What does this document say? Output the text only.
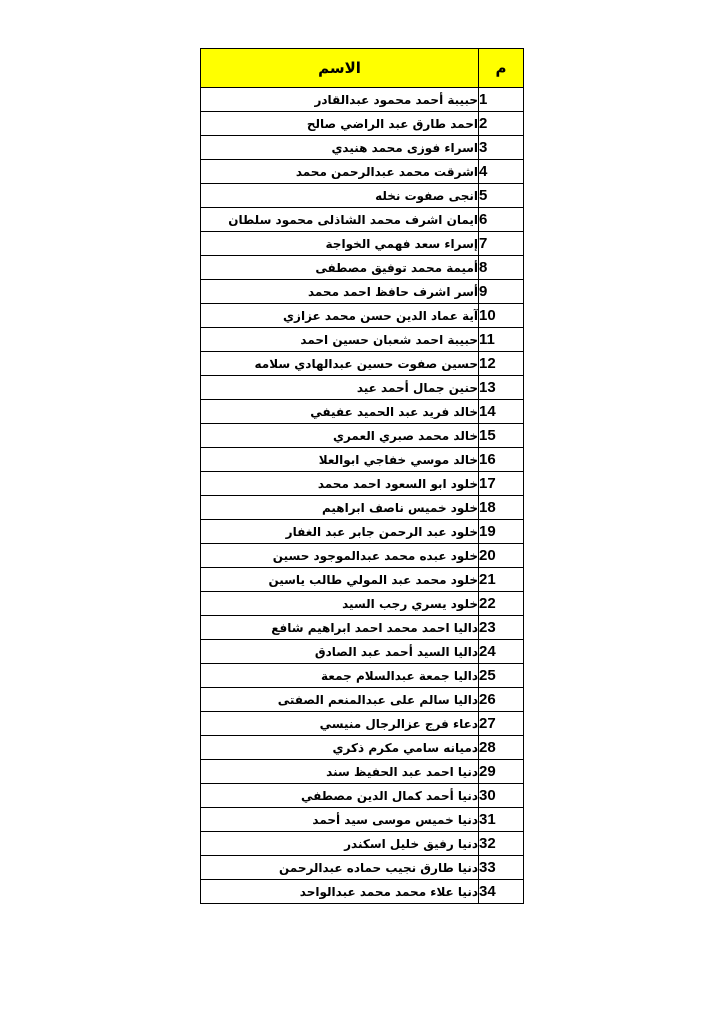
الاسم	م
حبيبة أحمد محمود عبدالقادر	1
احمد طارق عبد الراضي صالح	2
اسراء فوزى محمد هنيدي	3
اشرقت محمد عبدالرحمن محمد	4
انجى صفوت نخله	5
ايمان اشرف محمد الشاذلى محمود سلطان	6
إسراء سعد فهمي الخواجة	7
أميمة محمد توفيق مصطفى	8
أسر اشرف حافظ احمد محمد	9
آية عماد الدين حسن محمد عزازي	10
حبيبة احمد شعبان حسين احمد	11
حسين صفوت حسين عبدالهادي سلامه	12
حنين جمال أحمد عيد	13
خالد فريد عبد الحميد عفيفي	14
خالد محمد صبري العمري	15
خالد موسي خفاجي ابوالعلا	16
خلود ابو السعود احمد محمد	17
خلود خميس ناصف ابراهيم	18
خلود عبد الرحمن جابر عبد الغفار	19
خلود عبده محمد عبدالموجود حسين	20
خلود محمد عبد المولي طالب ياسين	21
خلود يسري رجب السيد	22
داليا احمد محمد احمد ابراهيم شافع	23
داليا السيد أحمد عبد الصادق	24
داليا جمعة عبدالسلام جمعة	25
داليا سالم على عبدالمنعم الصفتى	26
دعاء فرج عزالرجال منيسي	27
دميانه سامي مكرم ذكري	28
دنيا احمد عبد الحفيظ سند	29
دنيا أحمد كمال الدين مصطفي	30
دنيا خميس موسى سيد أحمد	31
دنيا رفيق خليل اسكندر	32
دنيا طارق نجيب حماده عبدالرحمن	33
دنيا علاء محمد محمد عبدالواحد	34
